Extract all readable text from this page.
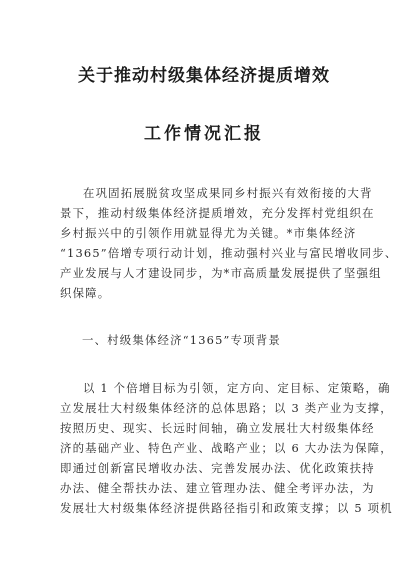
关于推动村级集体经济提质增效
工作情况汇报
在巩固拓展脱贫攻坚成果同乡村振兴有效衔接的大背
景下，推动村级集体经济提质增效，充分发挥村党组织在
乡村振兴中的引领作用就显得尤为关键。*市集体经济
“1365”倍增专项行动计划，推动强村兴业与富民增收同步、
产业发展与人才建设同步，为*市高质量发展提供了坚强组
织保障。
一、村级集体经济“1365”专项背景
以 1 个倍增目标为引领，定方向、定目标、定策略，确
立发展壮大村级集体经济的总体思路；以 3 类产业为支撑，
按照历史、现实、长远时间轴，确立发展壮大村级集体经
济的基础产业、特色产业、战略产业；以 6 大办法为保障，
即通过创新富民增收办法、完善发展办法、优化政策扶持
办法、健全帮扶办法、建立管理办法、健全考评办法，为
发展壮大村级集体经济提供路径指引和政策支撑；以 5 项机
